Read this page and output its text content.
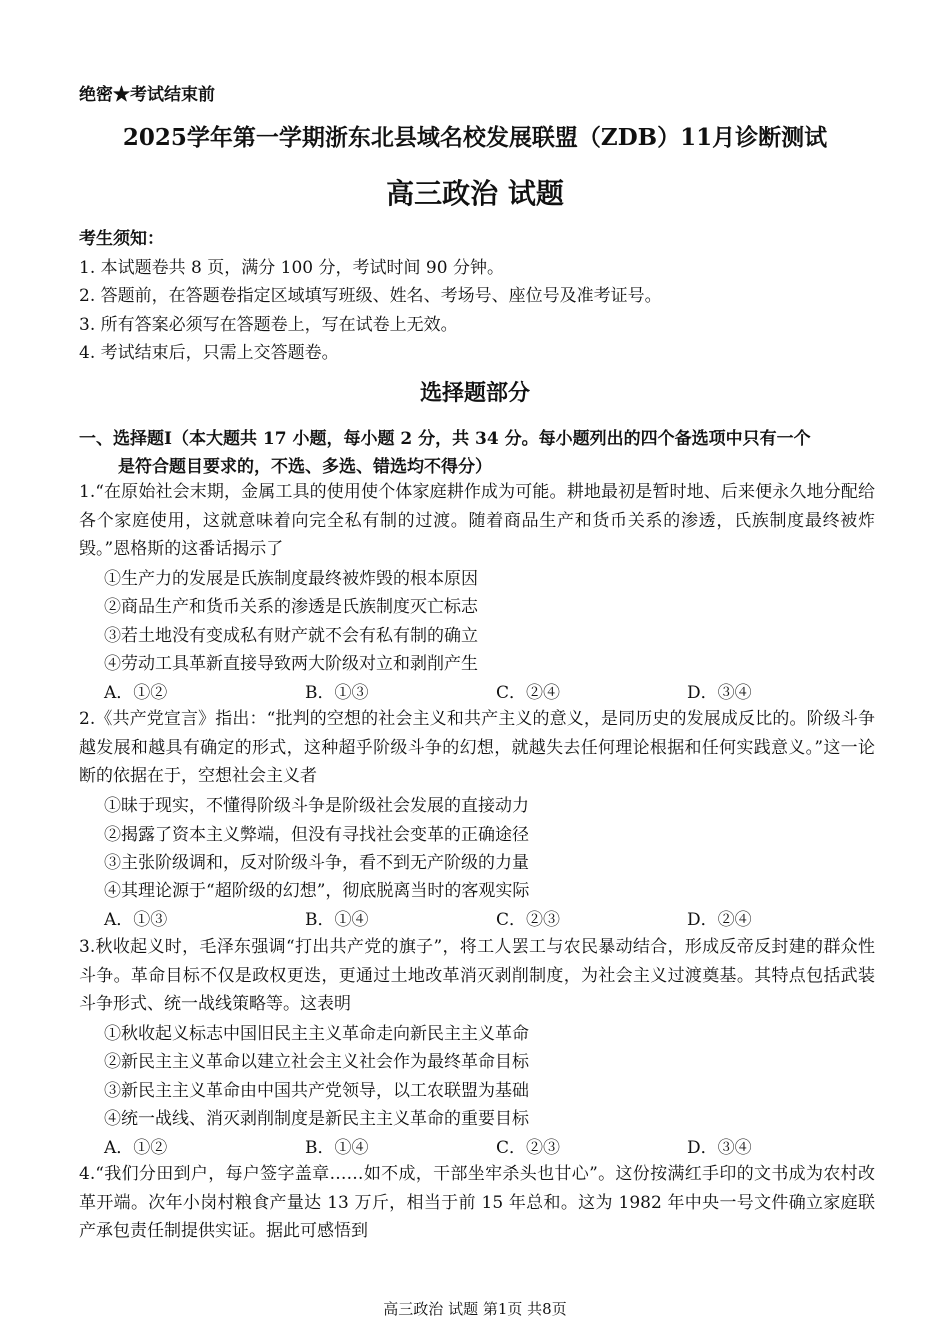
绝密★考试结束前
2025学年第一学期浙东北县域名校发展联盟（ZDB）11月诊断测试
高三政治 试题
考生须知：
1. 本试题卷共 8 页，满分 100 分，考试时间 90 分钟。
2. 答题前，在答题卷指定区域填写班级、姓名、考场号、座位号及准考证号。
3. 所有答案必须写在答题卷上，写在试卷上无效。
4. 考试结束后，只需上交答题卷。
选择题部分
一、选择题Ⅰ（本大题共 17 小题，每小题 2 分，共 34 分。每小题列出的四个备选项中只有一个
是符合题目要求的，不选、多选、错选均不得分）

1.“在原始社会末期，金属工具的使用使个体家庭耕作成为可能。耕地最初是暂时地、后来便永久地分配给各个家庭使用，这就意味着向完全私有制的过渡。随着商品生产和货币关系的渗透，氏族制度最终被炸毁。”恩格斯的这番话揭示了

①生产力的发展是氏族制度最终被炸毁的根本原因
②商品生产和货币关系的渗透是氏族制度灭亡标志
③若土地没有变成私有财产就不会有私有制的确立
④劳动工具革新直接导致两大阶级对立和剥削产生
A．①②	B．①③	C．②④	D．③④

2.《共产党宣言》指出：“批判的空想的社会主义和共产主义的意义，是同历史的发展成反比的。阶级斗争越发展和越具有确定的形式，这种超乎阶级斗争的幻想，就越失去任何理论根据和任何实践意义。”这一论断的依据在于，空想社会主义者

①昧于现实，不懂得阶级斗争是阶级社会发展的直接动力
②揭露了资本主义弊端，但没有寻找社会变革的正确途径
③主张阶级调和，反对阶级斗争，看不到无产阶级的力量
④其理论源于“超阶级的幻想”，彻底脱离当时的客观实际
A．①③	B．①④	C．②③	D．②④

3.秋收起义时，毛泽东强调“打出共产党的旗子”，将工人罢工与农民暴动结合，形成反帝反封建的群众性斗争。革命目标不仅是政权更迭，更通过土地改革消灭剥削制度，为社会主义过渡奠基。其特点包括武装斗争形式、统一战线策略等。这表明

①秋收起义标志中国旧民主主义革命走向新民主主义革命
②新民主主义革命以建立社会主义社会作为最终革命目标
③新民主主义革命由中国共产党领导，以工农联盟为基础
④统一战线、消灭剥削制度是新民主主义革命的重要目标
A．①②	B．①④	C．②③	D．③④

4.“我们分田到户，每户签字盖章……如不成，干部坐牢杀头也甘心”。这份按满红手印的文书成为农村改革开端。次年小岗村粮食产量达 13 万斤，相当于前 15 年总和。这为 1982 年中央一号文件确立家庭联产承包责任制提供实证。据此可感悟到

高三政治 试题 第1页 共8页
